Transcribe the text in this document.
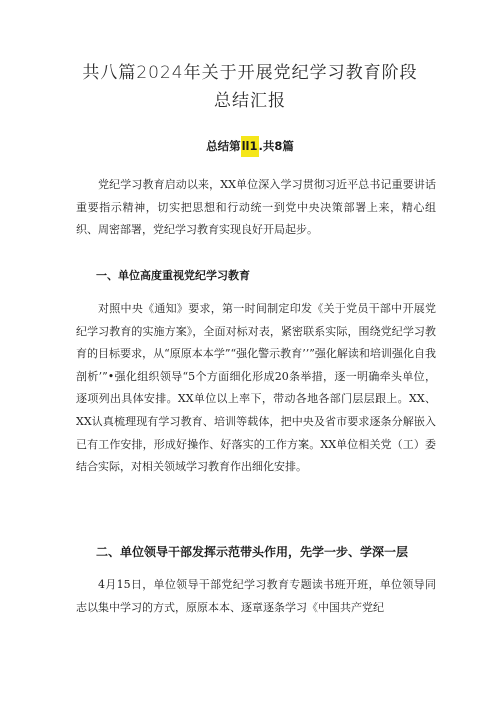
共八篇2024年关于开展党纪学习教育阶段
总结汇报
总结第ll1.共8篇

党纪学习教育启动以来，XX单位深入学习贯彻习近平总书记重要讲话重要指示精神，切实把思想和行动统一到党中央决策部署上来，精心组织、周密部署，党纪学习教育实现良好开局起步。

一、单位高度重视党纪学习教育

对照中央《通知》要求，第一时间制定印发《关于党员干部中开展党纪学习教育的实施方案》，全面对标对表，紧密联系实际，围绕党纪学习教育的目标要求，从“原原本本学”“强化警示教育’’”强化解读和培训强化自我剖析’”•强化组织领导“5个方面细化形成20条举措，逐一明确牵头单位，逐项列出具体安排。XX单位以上率下，带动各地各部门层层跟上。XX、XX认真梳理现有学习教育、培训等载体，把中央及省市要求逐条分解嵌入已有工作安排，形成好操作、好落实的工作方案。XX单位相关党（工）委结合实际，对相关领域学习教育作出细化安排。

二、单位领导干部发挥示范带头作用，先学一步、学深一层

4月15日，单位领导干部党纪学习教育专题读书班开班，单位领导同志以集中学习的方式，原原本本、逐章逐条学习《中国共产党纪
